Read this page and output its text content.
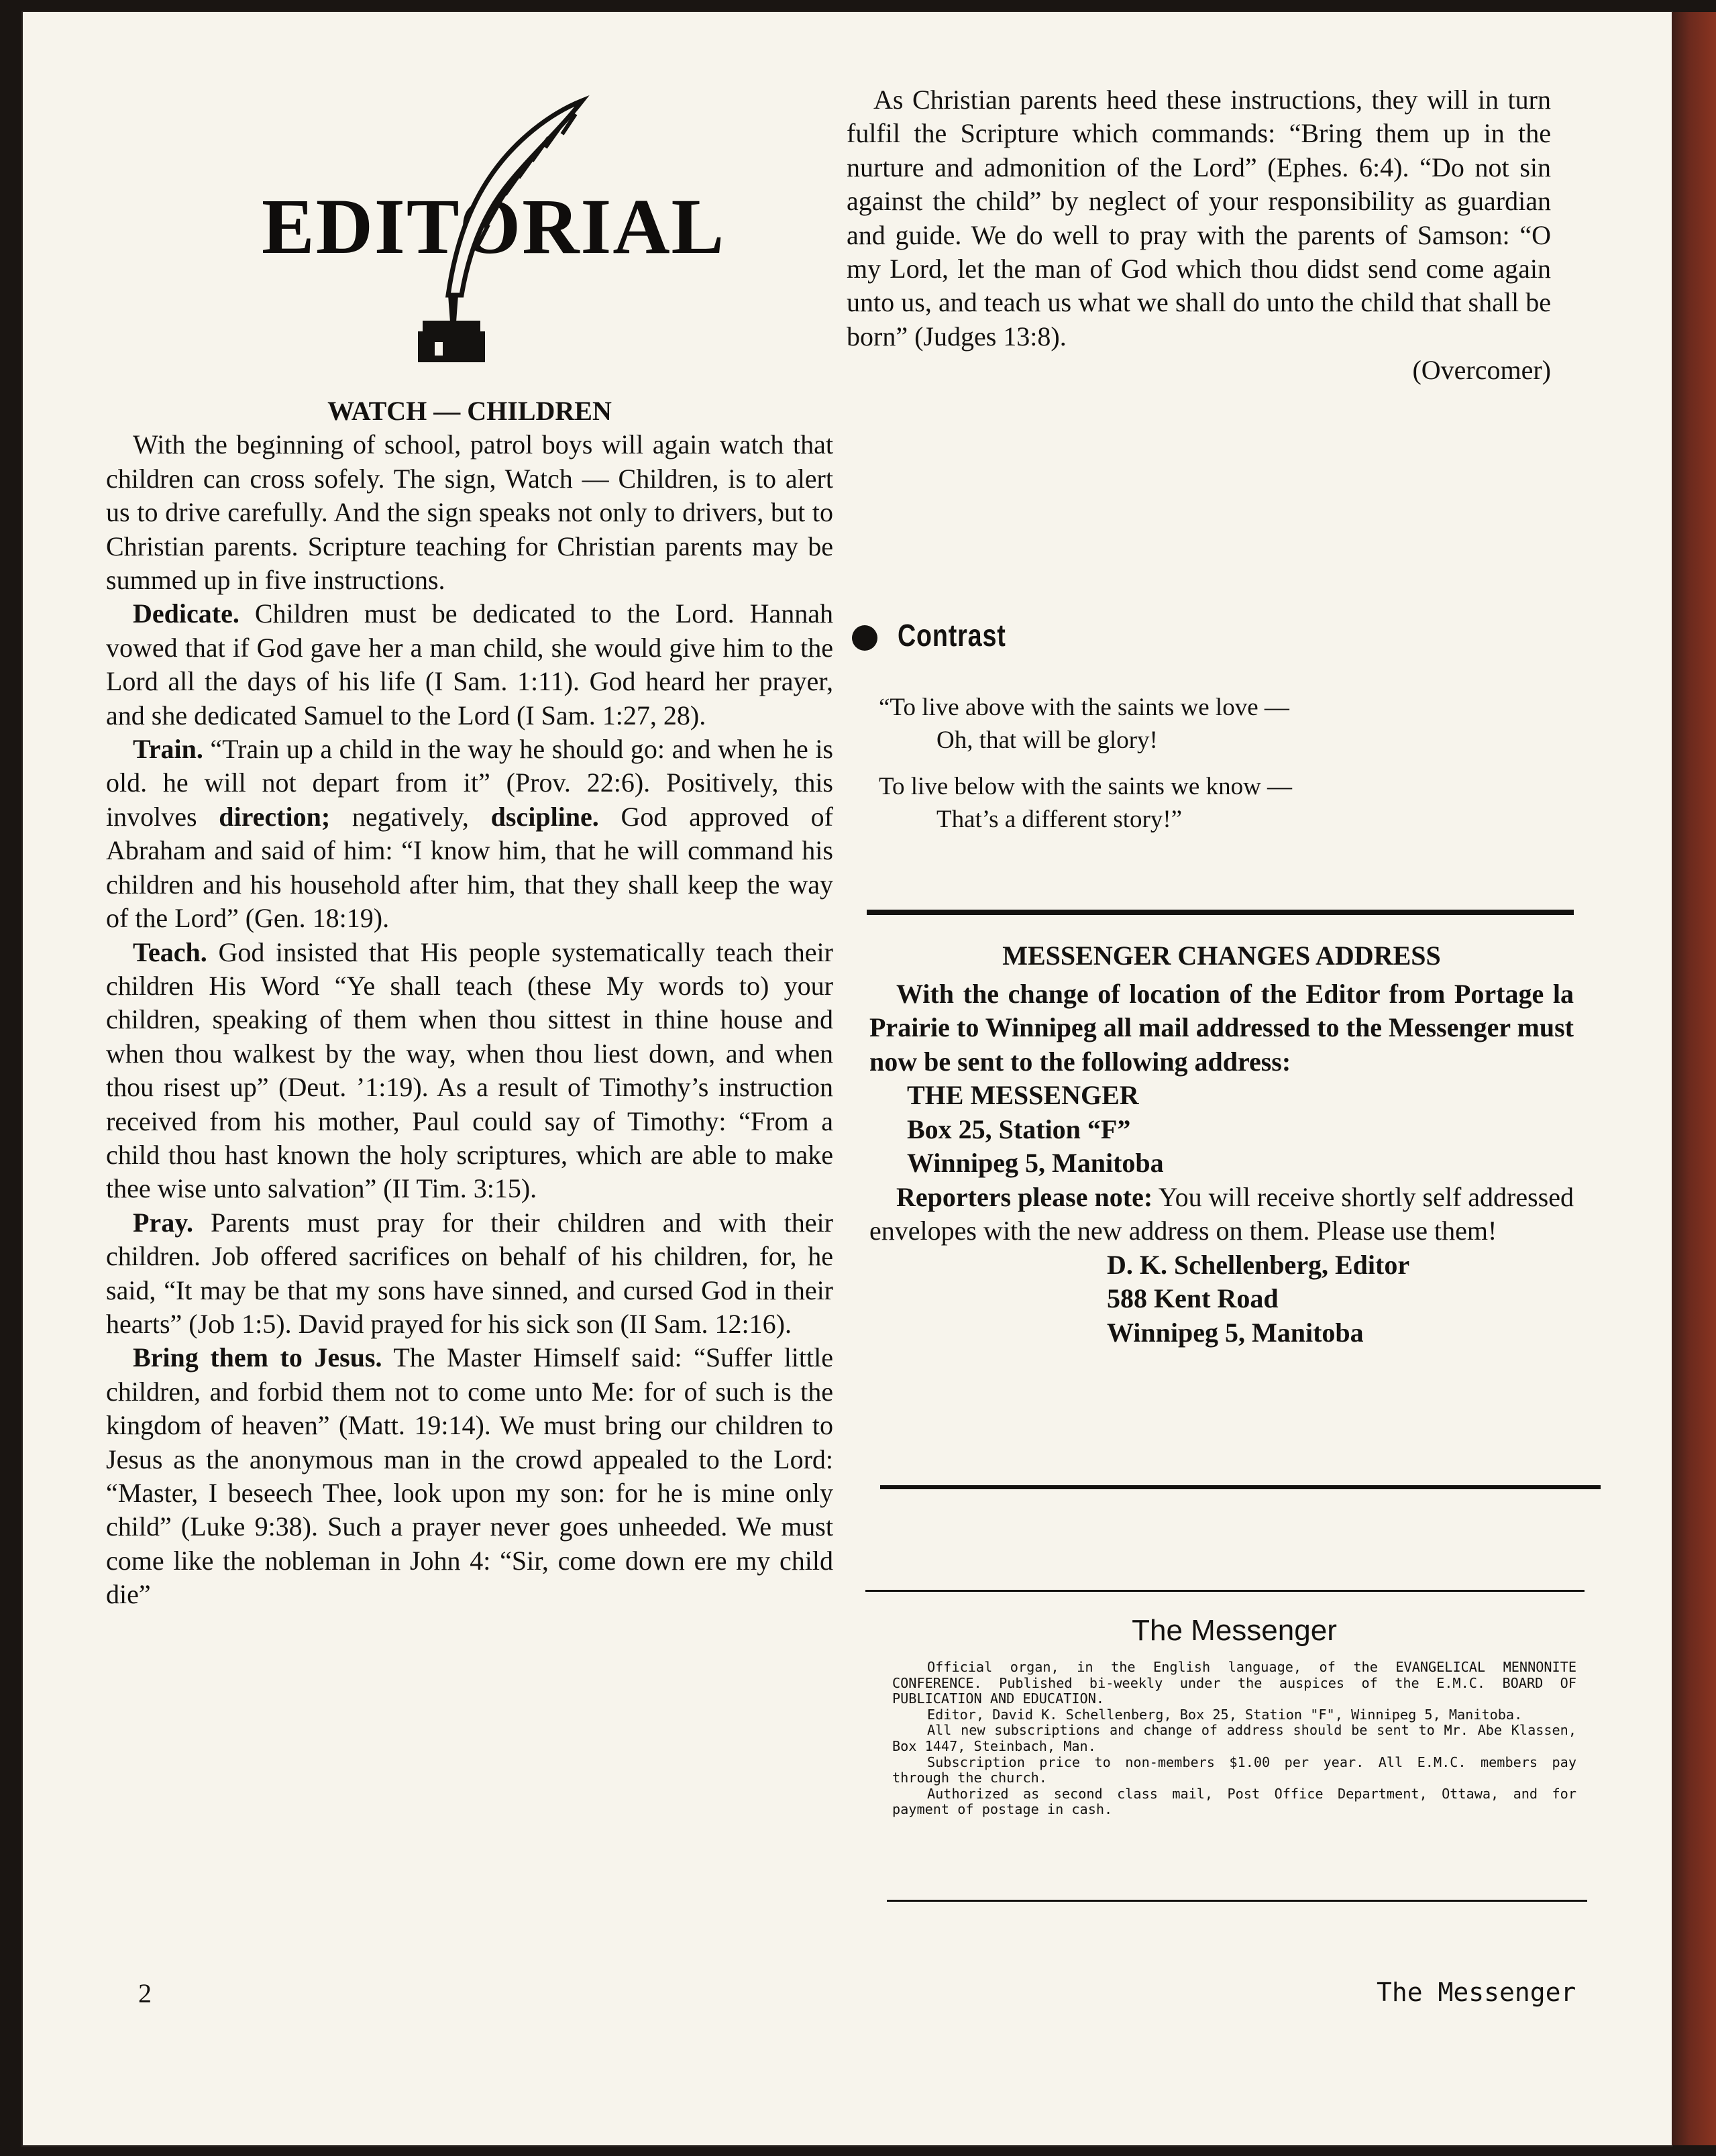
EDITORIAL

WATCH — CHILDREN

With the beginning of school, patrol boys will again watch that children can cross sofely. The sign, Watch — Children, is to alert us to drive carefully. And the sign speaks not only to drivers, but to Christian parents. Scripture teaching for Christian parents may be summed up in five instructions.

Dedicate. Children must be dedicated to the Lord. Hannah vowed that if God gave her a man child, she would give him to the Lord all the days of his life (I Sam. 1:11). God heard her prayer, and she dedicated Samuel to the Lord (I Sam. 1:27, 28).

Train. “Train up a child in the way he should go: and when he is old. he will not depart from it” (Prov. 22:6). Positively, this involves direction; negatively, dscipline. God approved of Abraham and said of him: “I know him, that he will command his children and his household after him, that they shall keep the way of the Lord” (Gen. 18:19).

Teach. God insisted that His people systematically teach their children His Word “Ye shall teach (these My words to) your children, speaking of them when thou sittest in thine house and when thou walkest by the way, when thou liest down, and when thou risest up” (Deut. ’1:19). As a result of Timothy’s instruction received from his mother, Paul could say of Timothy: “From a child thou hast known the holy scriptures, which are able to make thee wise unto salvation” (II Tim. 3:15).

Pray. Parents must pray for their children and with their children. Job offered sacrifices on behalf of his children, for, he said, “It may be that my sons have sinned, and cursed God in their hearts” (Job 1:5). David prayed for his sick son (II Sam. 12:16).

Bring them to Jesus. The Master Himself said: “Suffer little children, and forbid them not to come unto Me: for of such is the kingdom of heaven” (Matt. 19:14). We must bring our children to Jesus as the anonymous man in the crowd appealed to the Lord: “Master, I beseech Thee, look upon my son: for he is mine only child” (Luke 9:38). Such a prayer never goes unheeded. We must come like the nobleman in John 4: “Sir, come down ere my child die”

As Christian parents heed these instructions, they will in turn fulfil the Scripture which commands: “Bring them up in the nurture and admonition of the Lord” (Ephes. 6:4). “Do not sin against the child” by neglect of your responsibility as guardian and guide. We do well to pray with the parents of Samson: “O my Lord, let the man of God which thou didst send come again unto us, and teach us what we shall do unto the child that shall be born” (Judges 13:8).

(Overcomer)

Contrast

“To live above with the saints we love —

Oh, that will be glory!

To live below with the saints we know —

That’s a different story!”

MESSENGER CHANGES ADDRESS

With the change of location of the Editor from Portage la Prairie to Winnipeg all mail addressed to the Messenger must now be sent to the following address:

THE MESSENGER

Box 25, Station “F”

Winnipeg 5, Manitoba

Reporters please note: You will receive shortly self addressed envelopes with the new address on them. Please use them!

D. K. Schellenberg, Editor

588 Kent Road

Winnipeg 5, Manitoba

The Messenger

Official organ, in the English language, of the EVANGELICAL MENNONITE CONFERENCE. Published bi-weekly under the auspices of the E.M.C. BOARD OF PUBLICATION AND EDUCATION.

Editor, David K. Schellenberg, Box 25, Station "F", Winnipeg 5, Manitoba.

All new subscriptions and change of address should be sent to Mr. Abe Klassen, Box 1447, Steinbach, Man.

Subscription price to non-members $1.00 per year. All E.M.C. members pay through the church.

Authorized as second class mail, Post Office Department, Ottawa, and for payment of postage in cash.

2	The Messenger
